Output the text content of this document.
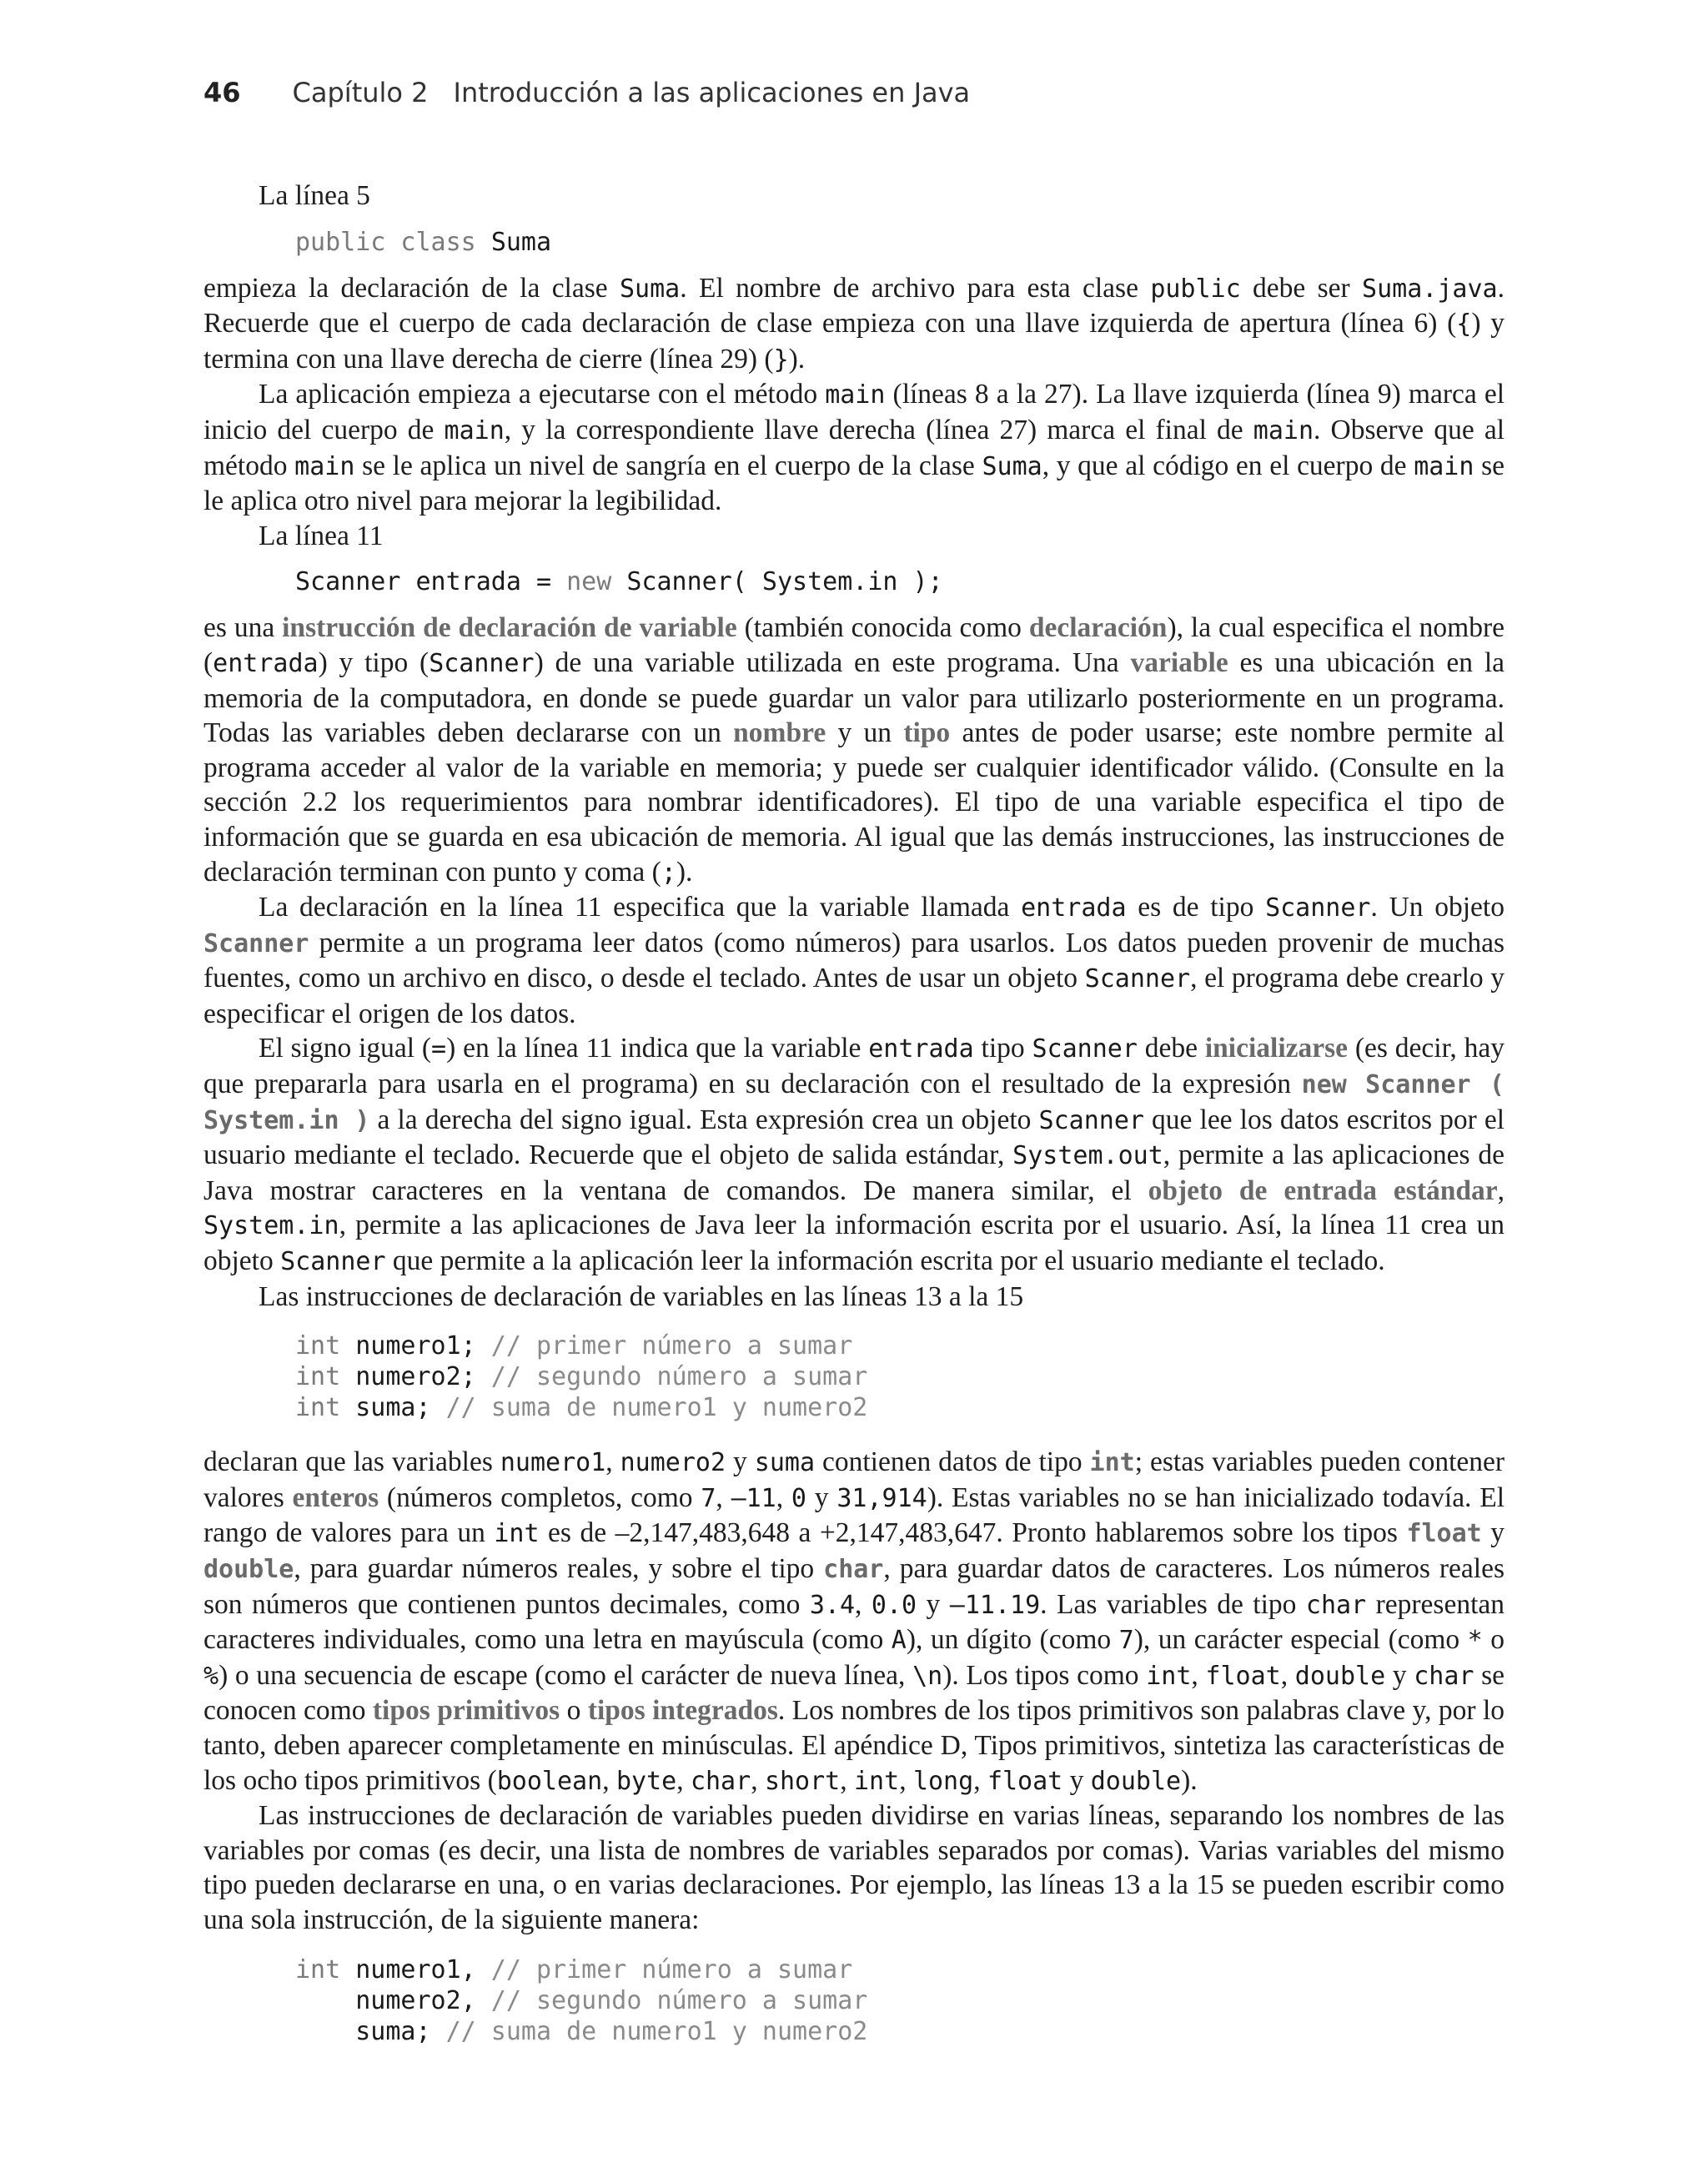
46 Capítulo 2 Introducción a las aplicaciones en Java

La línea 5

public class Suma

empieza la declaración de la clase Suma. El nombre de archivo para esta clase public debe ser Suma.java. Recuerde que el cuerpo de cada declaración de clase empieza con una llave izquierda de apertura (línea 6) ({) y termina con una llave derecha de cierre (línea 29) (}).

La aplicación empieza a ejecutarse con el método main (líneas 8 a la 27). La llave izquierda (línea 9) marca el inicio del cuerpo de main, y la correspondiente llave derecha (línea 27) marca el final de main. Observe que al método main se le aplica un nivel de sangría en el cuerpo de la clase Suma, y que al código en el cuerpo de main se le aplica otro nivel para mejorar la legibilidad.

La línea 11

Scanner entrada = new Scanner( System.in );

es una instrucción de declaración de variable (también conocida como declaración), la cual especifica el nombre (entrada) y tipo (Scanner) de una variable utilizada en este programa. Una variable es una ubicación en la memoria de la computadora, en donde se puede guardar un valor para utilizarlo posteriormente en un programa. Todas las variables deben declararse con un nombre y un tipo antes de poder usarse; este nombre permite al programa acceder al valor de la variable en memoria; y puede ser cualquier identificador válido. (Consulte en la sección 2.2 los requerimientos para nombrar identificadores). El tipo de una variable especifica el tipo de información que se guarda en esa ubicación de memoria. Al igual que las demás instrucciones, las instrucciones de declaración terminan con punto y coma (;).

La declaración en la línea 11 especifica que la variable llamada entrada es de tipo Scanner. Un objeto Scanner permite a un programa leer datos (como números) para usarlos. Los datos pueden provenir de muchas fuentes, como un archivo en disco, o desde el teclado. Antes de usar un objeto Scanner, el programa debe crearlo y especificar el origen de los datos.

El signo igual (=) en la línea 11 indica que la variable entrada tipo Scanner debe inicializarse (es decir, hay que prepararla para usarla en el programa) en su declaración con el resultado de la expresión new Scanner ( System.in ) a la derecha del signo igual. Esta expresión crea un objeto Scanner que lee los datos escritos por el usuario mediante el teclado. Recuerde que el objeto de salida estándar, System.out, permite a las aplicaciones de Java mostrar caracteres en la ventana de comandos. De manera similar, el objeto de entrada estándar, System.in, permite a las aplicaciones de Java leer la información escrita por el usuario. Así, la línea 11 crea un objeto Scanner que permite a la aplicación leer la información escrita por el usuario mediante el teclado.

Las instrucciones de declaración de variables en las líneas 13 a la 15

int numero1; // primer número a sumar
int numero2; // segundo número a sumar
int suma; // suma de numero1 y numero2

declaran que las variables numero1, numero2 y suma contienen datos de tipo int; estas variables pueden contener valores enteros (números completos, como 7, –11, 0 y 31,914). Estas variables no se han inicializado todavía. El rango de valores para un int es de –2,147,483,648 a +2,147,483,647. Pronto hablaremos sobre los tipos float y double, para guardar números reales, y sobre el tipo char, para guardar datos de caracteres. Los números reales son números que contienen puntos decimales, como 3.4, 0.0 y –11.19. Las variables de tipo char representan caracteres individuales, como una letra en mayúscula (como A), un dígito (como 7), un carácter especial (como * o %) o una secuencia de escape (como el carácter de nueva línea, \n). Los tipos como int, float, double y char se conocen como tipos primitivos o tipos integrados. Los nombres de los tipos primitivos son palabras clave y, por lo tanto, deben aparecer completamente en minúsculas. El apéndice D, Tipos primitivos, sintetiza las características de los ocho tipos primitivos (boolean, byte, char, short, int, long, float y double).

Las instrucciones de declaración de variables pueden dividirse en varias líneas, separando los nombres de las variables por comas (es decir, una lista de nombres de variables separados por comas). Varias variables del mismo tipo pueden declararse en una, o en varias declaraciones. Por ejemplo, las líneas 13 a la 15 se pueden escribir como una sola instrucción, de la siguiente manera:

int numero1, // primer número a sumar
numero2, // segundo número a sumar
suma; // suma de numero1 y numero2
